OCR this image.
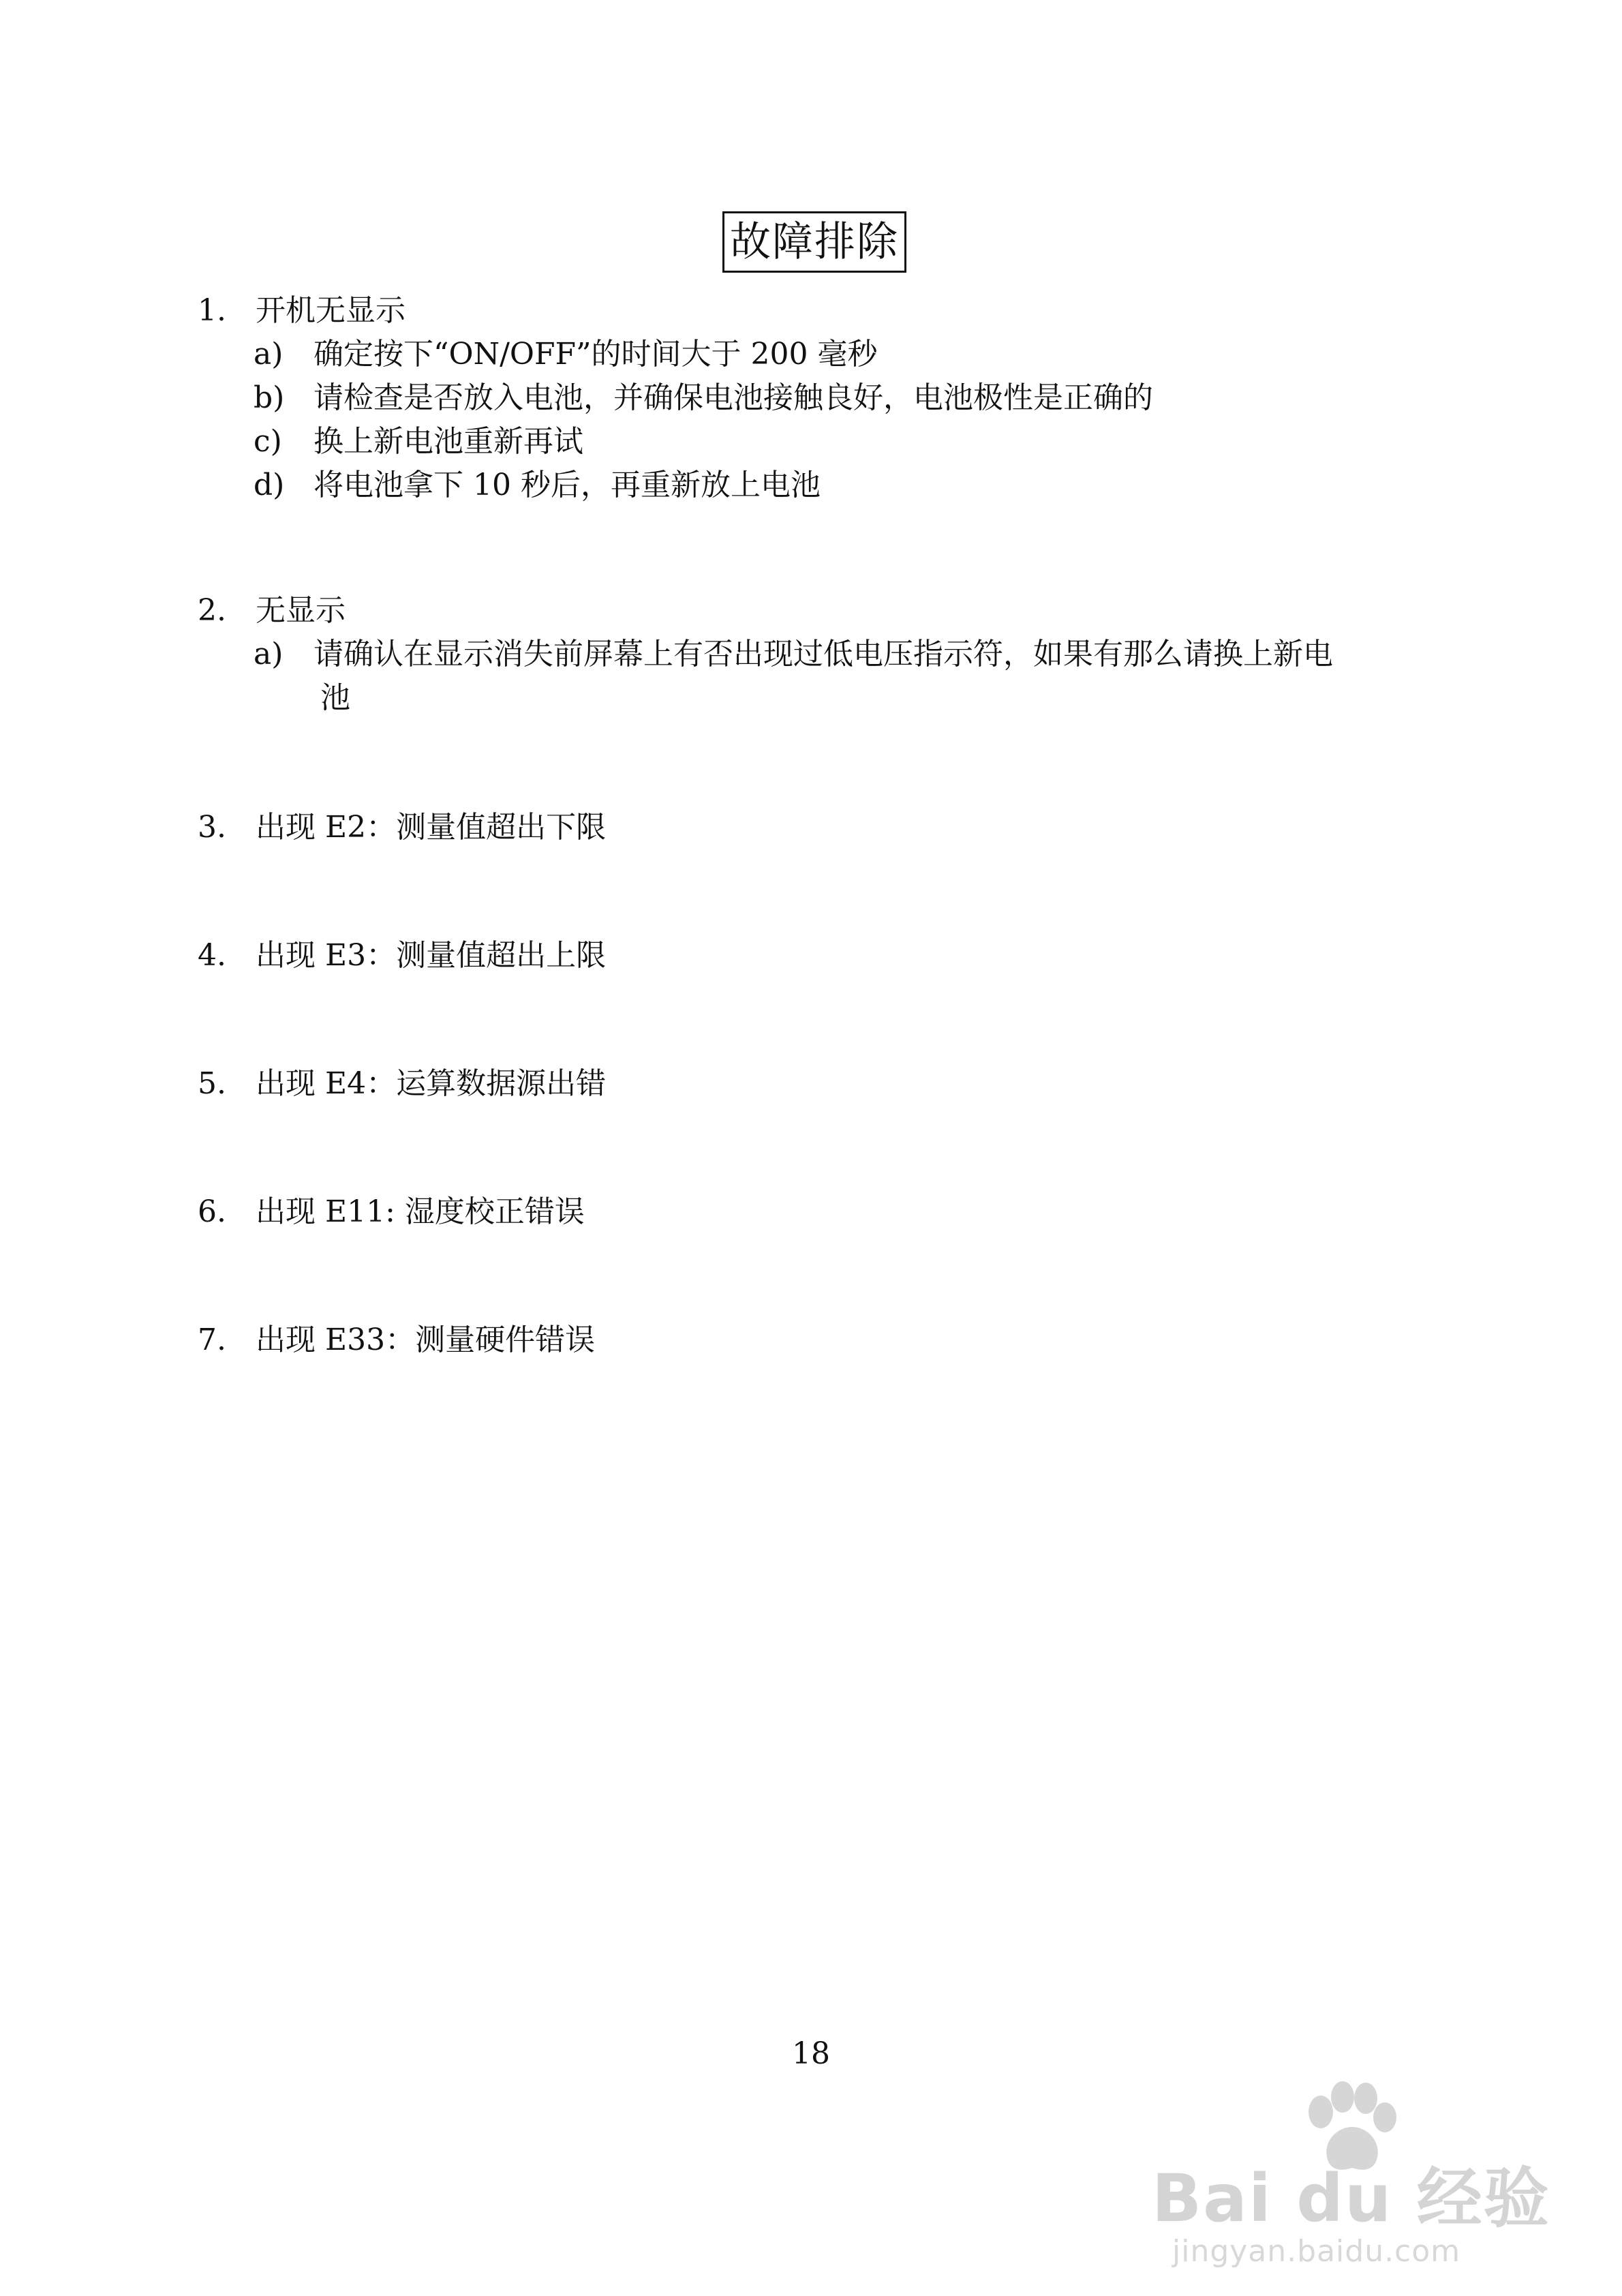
故障排除
1. 开机无显示
a) 确定按下“ON/OFF”的时间大于 200 毫秒
b) 请检查是否放入电池，并确保电池接触良好，电池极性是正确的
c) 换上新电池重新再试
d) 将电池拿下 10 秒后，再重新放上电池
2. 无显示
a) 请确认在显示消失前屏幕上有否出现过低电压指示符，如果有那么请换上新电
池
3. 出现 E2：测量值超出下限
4. 出现 E3：测量值超出上限
5. 出现 E4：运算数据源出错
6. 出现 E11: 湿度校正错误
7. 出现 E33：测量硬件错误
18
Bai du 经验
jingyan.baidu.com
